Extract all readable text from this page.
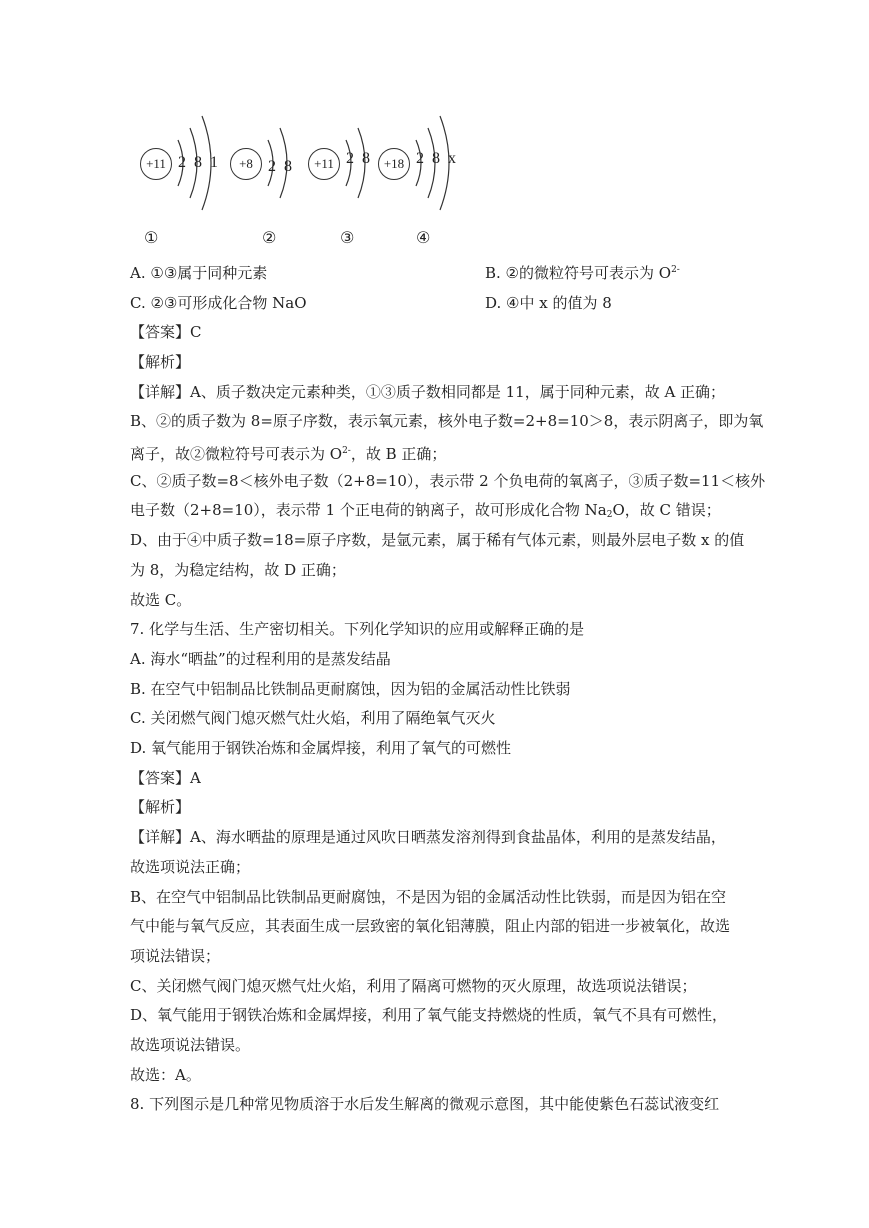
+11 2 8 1
①
+8 2 8
②
+11 2 8
③
+18 2 8 x
④
A. ①③属于同种元素	B. ②的微粒符号可表示为 $O^{2-}$
C. ②③可形成化合物 NaO	D. ④中 x 的值为 8
【答案】C
【解析】
【详解】A、质子数决定元素种类，①③质子数相同都是 11，属于同种元素，故 A 正确；
B、②的质子数为 8=原子序数，表示氧元素，核外电子数=2+8=10＞8，表示阴离子，即为氧
离子，故②微粒符号可表示为 $O^{2-}$，故 B 正确；
C、②质子数=8＜核外电子数（2+8=10），表示带 2 个负电荷的氧离子，③质子数=11＜核外
电子数（2+8=10），表示带 1 个正电荷的钠离子，故可形成化合物 $Na_2O$，故 C 错误；
D、由于④中质子数=18=原子序数，是氩元素，属于稀有气体元素，则最外层电子数 x 的值
为 8，为稳定结构，故 D 正确；
故选 C。
7. 化学与生活、生产密切相关。下列化学知识的应用或解释正确的是
A. 海水“晒盐”的过程利用的是蒸发结晶
B. 在空气中铝制品比铁制品更耐腐蚀，因为铝的金属活动性比铁弱
C. 关闭燃气阀门熄灭燃气灶火焰，利用了隔绝氧气灭火
D. 氧气能用于钢铁冶炼和金属焊接，利用了氧气的可燃性
【答案】A
【解析】
【详解】A、海水晒盐的原理是通过风吹日晒蒸发溶剂得到食盐晶体，利用的是蒸发结晶，
故选项说法正确；
B、在空气中铝制品比铁制品更耐腐蚀，不是因为铝的金属活动性比铁弱，而是因为铝在空
气中能与氧气反应，其表面生成一层致密的氧化铝薄膜，阻止内部的铝进一步被氧化，故选
项说法错误；
C、关闭燃气阀门熄灭燃气灶火焰，利用了隔离可燃物的灭火原理，故选项说法错误；
D、氧气能用于钢铁冶炼和金属焊接，利用了氧气能支持燃烧的性质，氧气不具有可燃性，
故选项说法错误。
故选：A。
8. 下列图示是几种常见物质溶于水后发生解离的微观示意图，其中能使紫色石蕊试液变红
